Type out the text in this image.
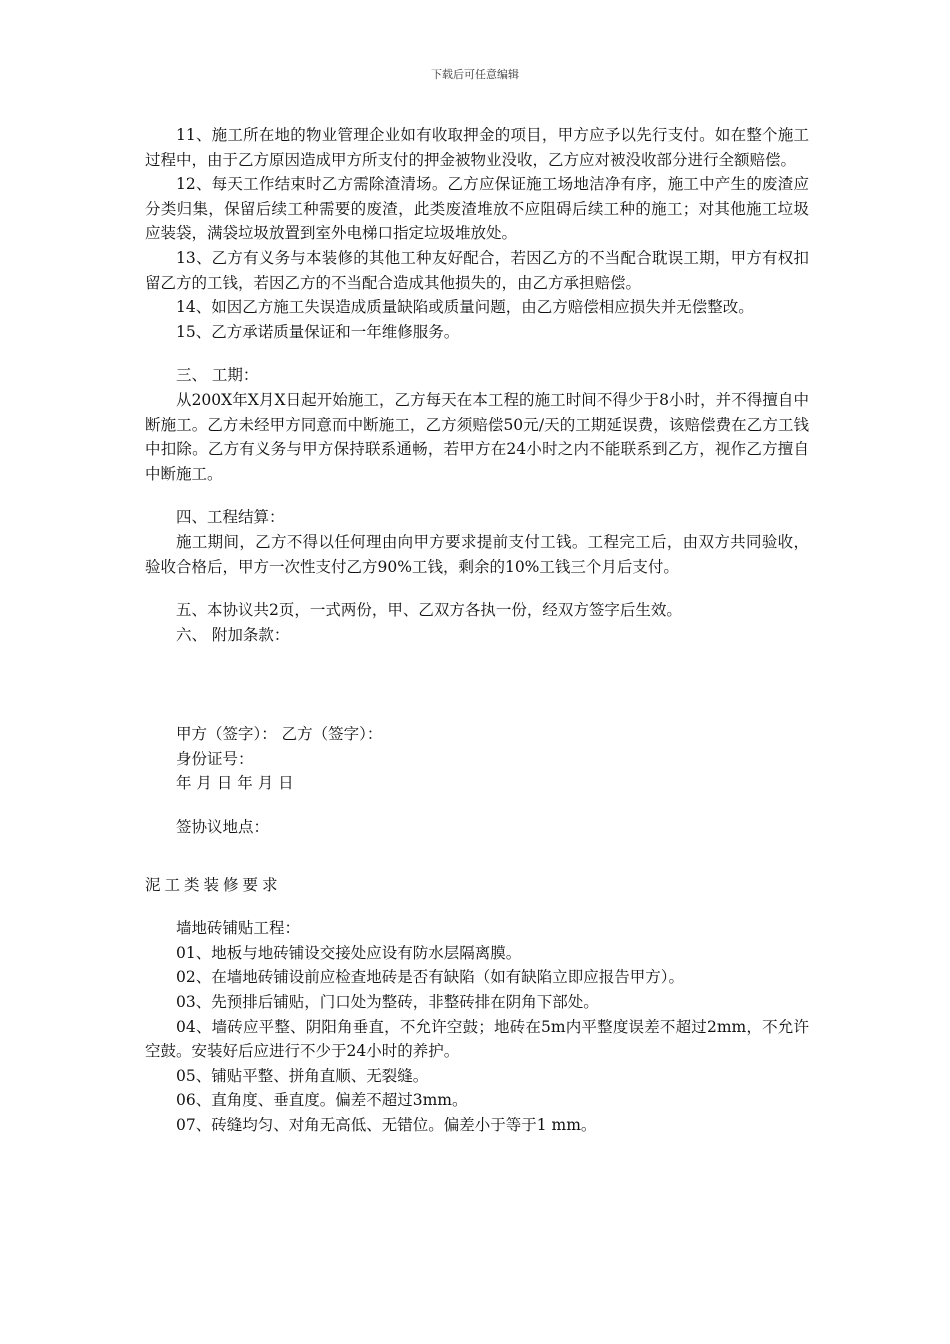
下载后可任意编辑

11、施工所在地的物业管理企业如有收取押金的项目，甲方应予以先行支付。如在整个施工过程中，由于乙方原因造成甲方所支付的押金被物业没收，乙方应对被没收部分进行全额赔偿。

12、每天工作结束时乙方需除渣清场。乙方应保证施工场地洁净有序，施工中产生的废渣应分类归集，保留后续工种需要的废渣，此类废渣堆放不应阻碍后续工种的施工；对其他施工垃圾应装袋，满袋垃圾放置到室外电梯口指定垃圾堆放处。

13、乙方有义务与本装修的其他工种友好配合，若因乙方的不当配合耽误工期，甲方有权扣留乙方的工钱，若因乙方的不当配合造成其他损失的，由乙方承担赔偿。

14、如因乙方施工失误造成质量缺陷或质量问题，由乙方赔偿相应损失并无偿整改。

15、乙方承诺质量保证和一年维修服务。

三、 工期：

从200X年X月X日起开始施工，乙方每天在本工程的施工时间不得少于8小时，并不得擅自中断施工。乙方未经甲方同意而中断施工，乙方须赔偿50元/天的工期延误费，该赔偿费在乙方工钱中扣除。乙方有义务与甲方保持联系通畅，若甲方在24小时之内不能联系到乙方，视作乙方擅自中断施工。

四、工程结算：

施工期间，乙方不得以任何理由向甲方要求提前支付工钱。工程完工后，由双方共同验收，验收合格后，甲方一次性支付乙方90%工钱，剩余的10%工钱三个月后支付。

五、本协议共2页，一式两份，甲、乙双方各执一份，经双方签字后生效。

六、 附加条款：

甲方（签字）： 乙方（签字）：

身份证号：

年 月 日 年 月 日

签协议地点：

泥工类装修要求

墙地砖铺贴工程：

01、地板与地砖铺设交接处应设有防水层隔离膜。

02、在墙地砖铺设前应检查地砖是否有缺陷（如有缺陷立即应报告甲方）。

03、先预排后铺贴，门口处为整砖，非整砖排在阴角下部处。

04、墙砖应平整、阴阳角垂直，不允许空鼓；地砖在5m内平整度误差不超过2mm，不允许空鼓。安装好后应进行不少于24小时的养护。

05、铺贴平整、拼角直顺、无裂缝。

06、直角度、垂直度。偏差不超过3mm。

07、砖缝均匀、对角无高低、无错位。偏差小于等于1 mm。
